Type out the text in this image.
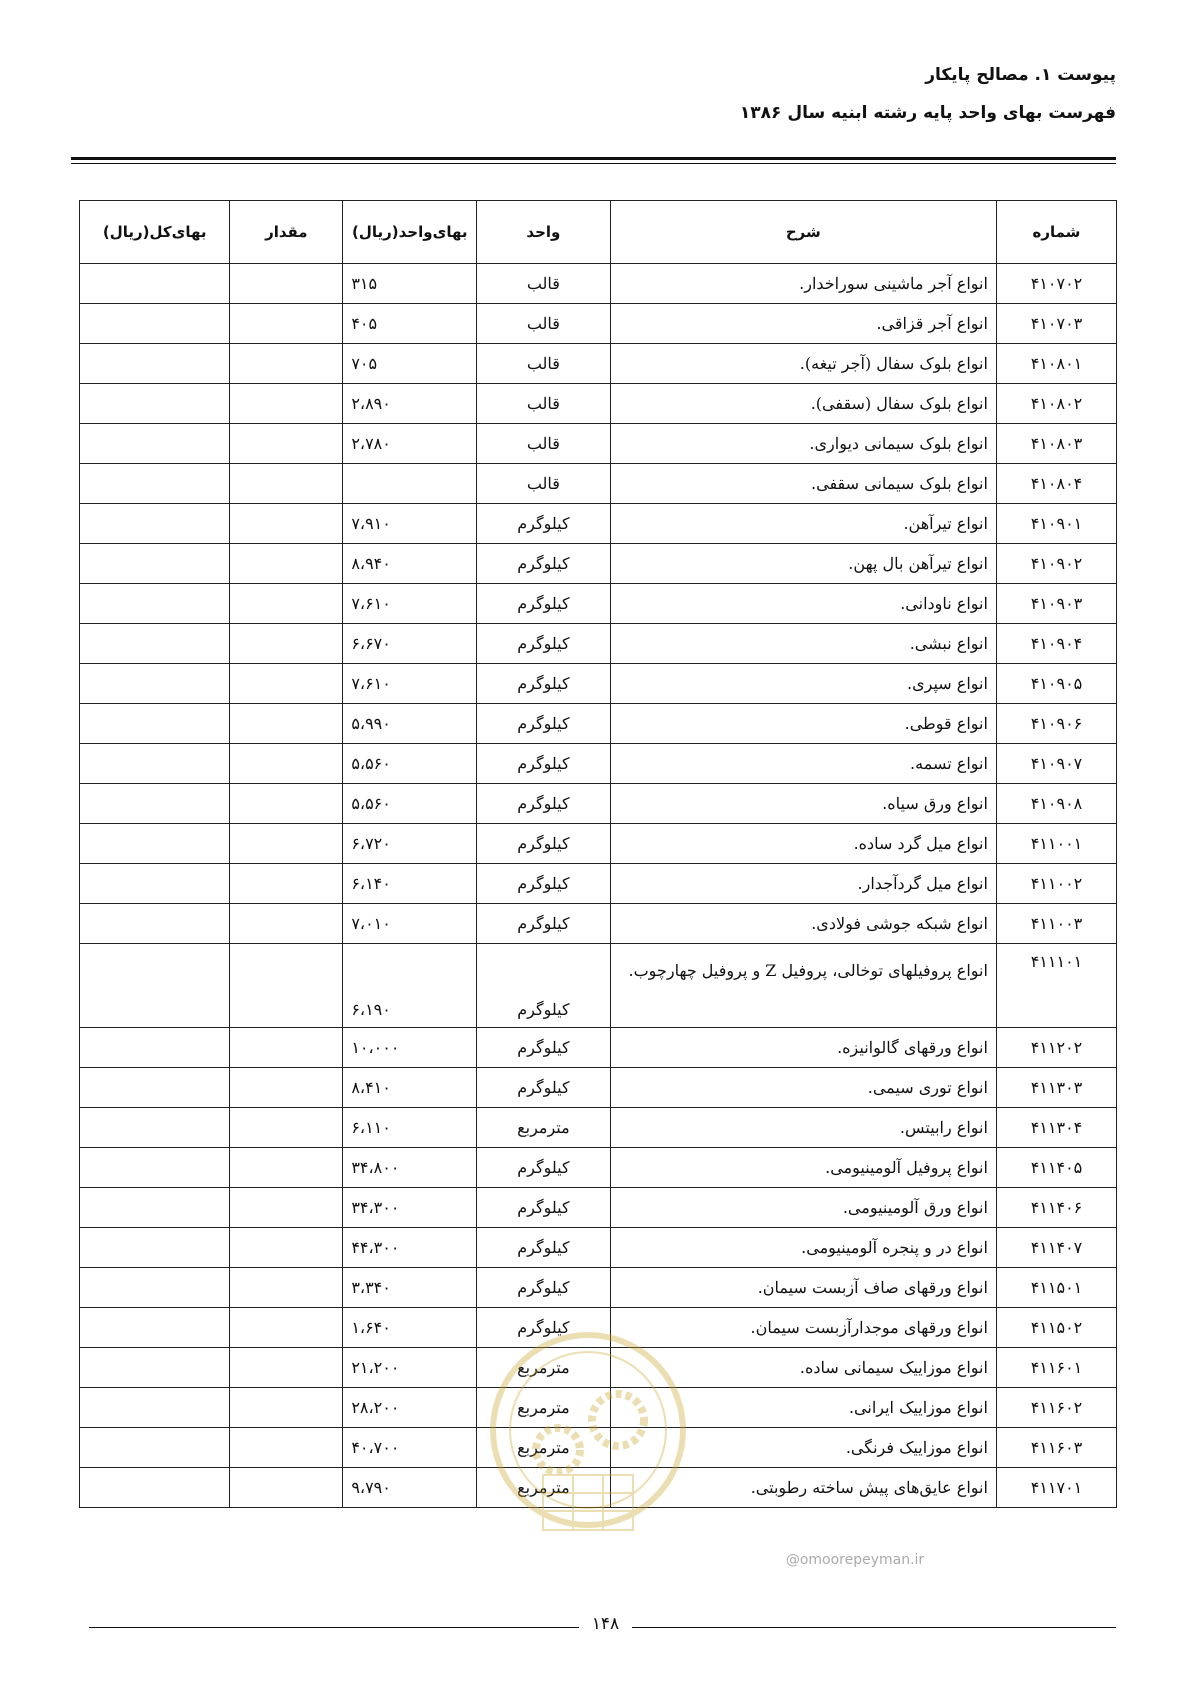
پیوست ۱. مصالح پایکار
فهرست بهای واحد پایه رشته ابنیه سال ۱۳۸۶
شماره	شرح	واحد	بهای‌واحد(ریال)	مقدار	بهای‌کل(ریال)
۴۱۰۷۰۲	انواع آجر ماشینی سوراخدار.	قالب	۳۱۵		
۴۱۰۷۰۳	انواع آجر قزاقی.	قالب	۴۰۵		
۴۱۰۸۰۱	انواع بلوک سفال (آجر تیغه).	قالب	۷۰۵		
۴۱۰۸۰۲	انواع بلوک سفال (سقفی).	قالب	۲،۸۹۰		
۴۱۰۸۰۳	انواع بلوک سیمانی دیواری.	قالب	۲،۷۸۰		
۴۱۰۸۰۴	انواع بلوک سیمانی سقفی.	قالب			
۴۱۰۹۰۱	انواع تیرآهن.	کیلوگرم	۷،۹۱۰		
۴۱۰۹۰۲	انواع تیرآهن بال پهن.	کیلوگرم	۸،۹۴۰		
۴۱۰۹۰۳	انواع ناودانی.	کیلوگرم	۷،۶۱۰		
۴۱۰۹۰۴	انواع نبشی.	کیلوگرم	۶،۶۷۰		
۴۱۰۹۰۵	انواع سپری.	کیلوگرم	۷،۶۱۰		
۴۱۰۹۰۶	انواع قوطی.	کیلوگرم	۵،۹۹۰		
۴۱۰۹۰۷	انواع تسمه.	کیلوگرم	۵،۵۶۰		
۴۱۰۹۰۸	انواع ورق سیاه.	کیلوگرم	۵،۵۶۰		
۴۱۱۰۰۱	انواع میل گرد ساده.	کیلوگرم	۶،۷۲۰		
۴۱۱۰۰۲	انواع میل گردآجدار.	کیلوگرم	۶،۱۴۰		
۴۱۱۰۰۳	انواع شبکه جوشی فولادی.	کیلوگرم	۷،۰۱۰		
۴۱۱۱۰۱	انواع پروفیلهای توخالی، پروفیل Z و پروفیل چهارچوب.	کیلوگرم	۶،۱۹۰		
۴۱۱۲۰۲	انواع ورقهای گالوانیزه.	کیلوگرم	۱۰،۰۰۰		
۴۱۱۳۰۳	انواع توری سیمی.	کیلوگرم	۸،۴۱۰		
۴۱۱۳۰۴	انواع رابیتس.	مترمربع	۶،۱۱۰		
۴۱۱۴۰۵	انواع پروفیل آلومینیومی.	کیلوگرم	۳۴،۸۰۰		
۴۱۱۴۰۶	انواع ورق آلومینیومی.	کیلوگرم	۳۴،۳۰۰		
۴۱۱۴۰۷	انواع در و پنجره آلومینیومی.	کیلوگرم	۴۴،۳۰۰		
۴۱۱۵۰۱	انواع ورقهای صاف آزبست سیمان.	کیلوگرم	۳،۳۴۰		
۴۱۱۵۰۲	انواع ورقهای موجدارآزبست سیمان.	کیلوگرم	۱،۶۴۰		
۴۱۱۶۰۱	انواع موزاییک سیمانی ساده.	مترمربع	۲۱،۲۰۰		
۴۱۱۶۰۲	انواع موزاییک ایرانی.	مترمربع	۲۸،۲۰۰		
۴۱۱۶۰۳	انواع موزاییک فرنگی.	مترمربع	۴۰،۷۰۰		
۴۱۱۷۰۱	انواع عایق‌های پیش ساخته رطوبتی.	مترمربع	۹،۷۹۰		
@omoorepeyman.ir
۱۴۸
